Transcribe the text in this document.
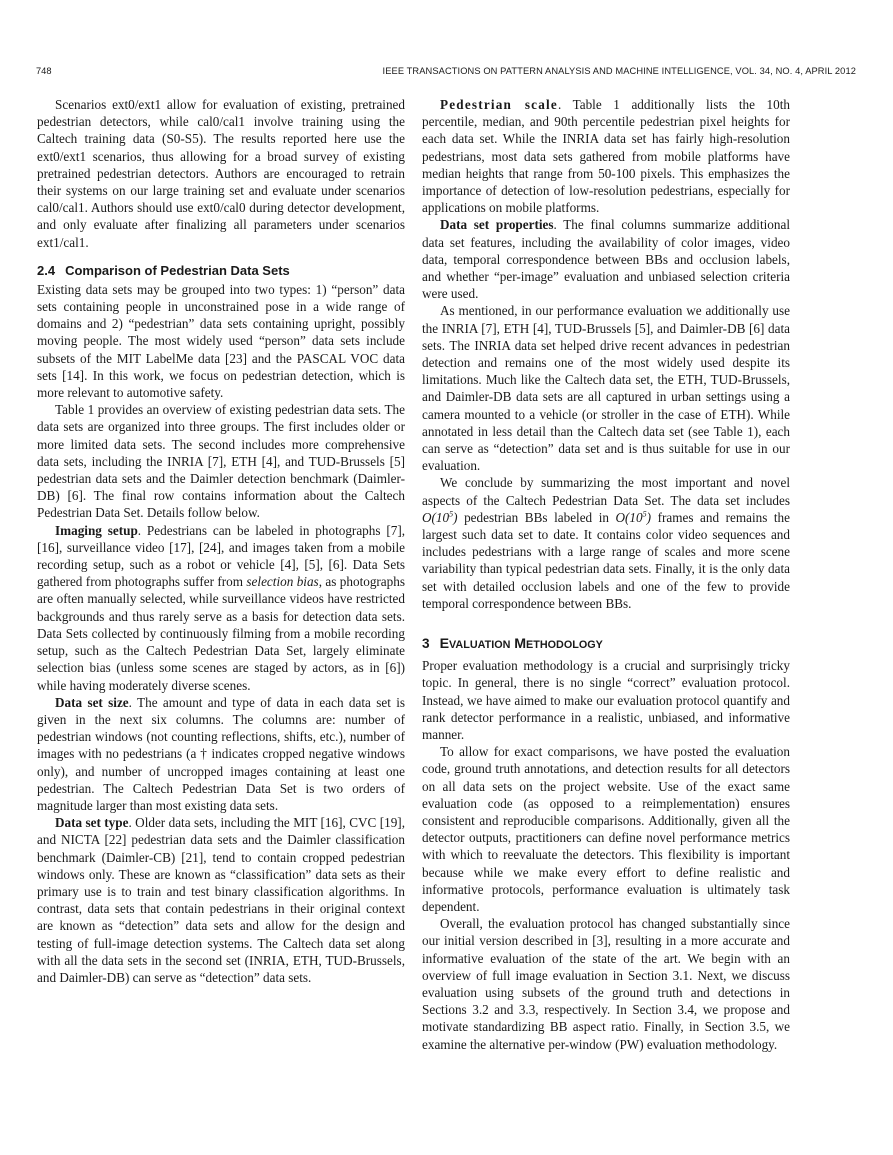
748	IEEE TRANSACTIONS ON PATTERN ANALYSIS AND MACHINE INTELLIGENCE, VOL. 34, NO. 4, APRIL 2012

Scenarios ext0/ext1 allow for evaluation of existing, pretrained pedestrian detectors, while cal0/cal1 involve training using the Caltech training data (S0-S5). The results reported here use the ext0/ext1 scenarios, thus allowing for a broad survey of existing pretrained pedestrian detectors. Authors are encouraged to retrain their systems on our large training set and evaluate under scenarios cal0/cal1. Authors should use ext0/cal0 during detector development, and only evaluate after finalizing all parameters under scenarios ext1/cal1.

2.4 Comparison of Pedestrian Data Sets

Existing data sets may be grouped into two types: 1) “person” data sets containing people in unconstrained pose in a wide range of domains and 2) “pedestrian” data sets containing upright, possibly moving people. The most widely used “person” data sets include subsets of the MIT LabelMe data [23] and the PASCAL VOC data sets [14]. In this work, we focus on pedestrian detection, which is more relevant to automotive safety.

Table 1 provides an overview of existing pedestrian data sets. The data sets are organized into three groups. The first includes older or more limited data sets. The second includes more comprehensive data sets, including the INRIA [7], ETH [4], and TUD-Brussels [5] pedestrian data sets and the Daimler detection benchmark (Daimler-DB) [6]. The final row contains information about the Caltech Pedestrian Data Set. Details follow below.

Imaging setup. Pedestrians can be labeled in photographs [7], [16], surveillance video [17], [24], and images taken from a mobile recording setup, such as a robot or vehicle [4], [5], [6]. Data Sets gathered from photographs suffer from selection bias, as photographs are often manually selected, while surveillance videos have restricted backgrounds and thus rarely serve as a basis for detection data sets. Data Sets collected by continuously filming from a mobile recording setup, such as the Caltech Pedestrian Data Set, largely eliminate selection bias (unless some scenes are staged by actors, as in [6]) while having moderately diverse scenes.

Data set size. The amount and type of data in each data set is given in the next six columns. The columns are: number of pedestrian windows (not counting reflections, shifts, etc.), number of images with no pedestrians (a † indicates cropped negative windows only), and number of uncropped images containing at least one pedestrian. The Caltech Pedestrian Data Set is two orders of magnitude larger than most existing data sets.

Data set type. Older data sets, including the MIT [16], CVC [19], and NICTA [22] pedestrian data sets and the Daimler classification benchmark (Daimler-CB) [21], tend to contain cropped pedestrian windows only. These are known as “classification” data sets as their primary use is to train and test binary classification algorithms. In contrast, data sets that contain pedestrians in their original context are known as “detection” data sets and allow for the design and testing of full-image detection systems. The Caltech data set along with all the data sets in the second set (INRIA, ETH, TUD-Brussels, and Daimler-DB) can serve as “detection” data sets.

Pedestrian scale. Table 1 additionally lists the 10th percentile, median, and 90th percentile pedestrian pixel heights for each data set. While the INRIA data set has fairly high-resolution pedestrians, most data sets gathered from mobile platforms have median heights that range from 50-100 pixels. This emphasizes the importance of detection of low-resolution pedestrians, especially for applications on mobile platforms.

Data set properties. The final columns summarize additional data set features, including the availability of color images, video data, temporal correspondence between BBs and occlusion labels, and whether “per-image” evaluation and unbiased selection criteria were used.

As mentioned, in our performance evaluation we additionally use the INRIA [7], ETH [4], TUD-Brussels [5], and Daimler-DB [6] data sets. The INRIA data set helped drive recent advances in pedestrian detection and remains one of the most widely used despite its limitations. Much like the Caltech data set, the ETH, TUD-Brussels, and Daimler-DB data sets are all captured in urban settings using a camera mounted to a vehicle (or stroller in the case of ETH). While annotated in less detail than the Caltech data set (see Table 1), each can serve as “detection” data set and is thus suitable for use in our evaluation.

We conclude by summarizing the most important and novel aspects of the Caltech Pedestrian Data Set. The data set includes $O(10^5)$ pedestrian BBs labeled in $O(10^5)$ frames and remains the largest such data set to date. It contains color video sequences and includes pedestrians with a large range of scales and more scene variability than typical pedestrian data sets. Finally, it is the only data set with detailed occlusion labels and one of the few to provide temporal correspondence between BBs.

3 EVALUATION METHODOLOGY

Proper evaluation methodology is a crucial and surprisingly tricky topic. In general, there is no single “correct” evaluation protocol. Instead, we have aimed to make our evaluation protocol quantify and rank detector performance in a realistic, unbiased, and informative manner.

To allow for exact comparisons, we have posted the evaluation code, ground truth annotations, and detection results for all detectors on all data sets on the project website. Use of the exact same evaluation code (as opposed to a reimplementation) ensures consistent and reproducible comparisons. Additionally, given all the detector outputs, practitioners can define novel performance metrics with which to reevaluate the detectors. This flexibility is important because while we make every effort to define realistic and informative protocols, performance evaluation is ultimately task dependent.

Overall, the evaluation protocol has changed substantially since our initial version described in [3], resulting in a more accurate and informative evaluation of the state of the art. We begin with an overview of full image evaluation in Section 3.1. Next, we discuss evaluation using subsets of the ground truth and detections in Sections 3.2 and 3.3, respectively. In Section 3.4, we propose and motivate standardizing BB aspect ratio. Finally, in Section 3.5, we examine the alternative per-window (PW) evaluation methodology.
